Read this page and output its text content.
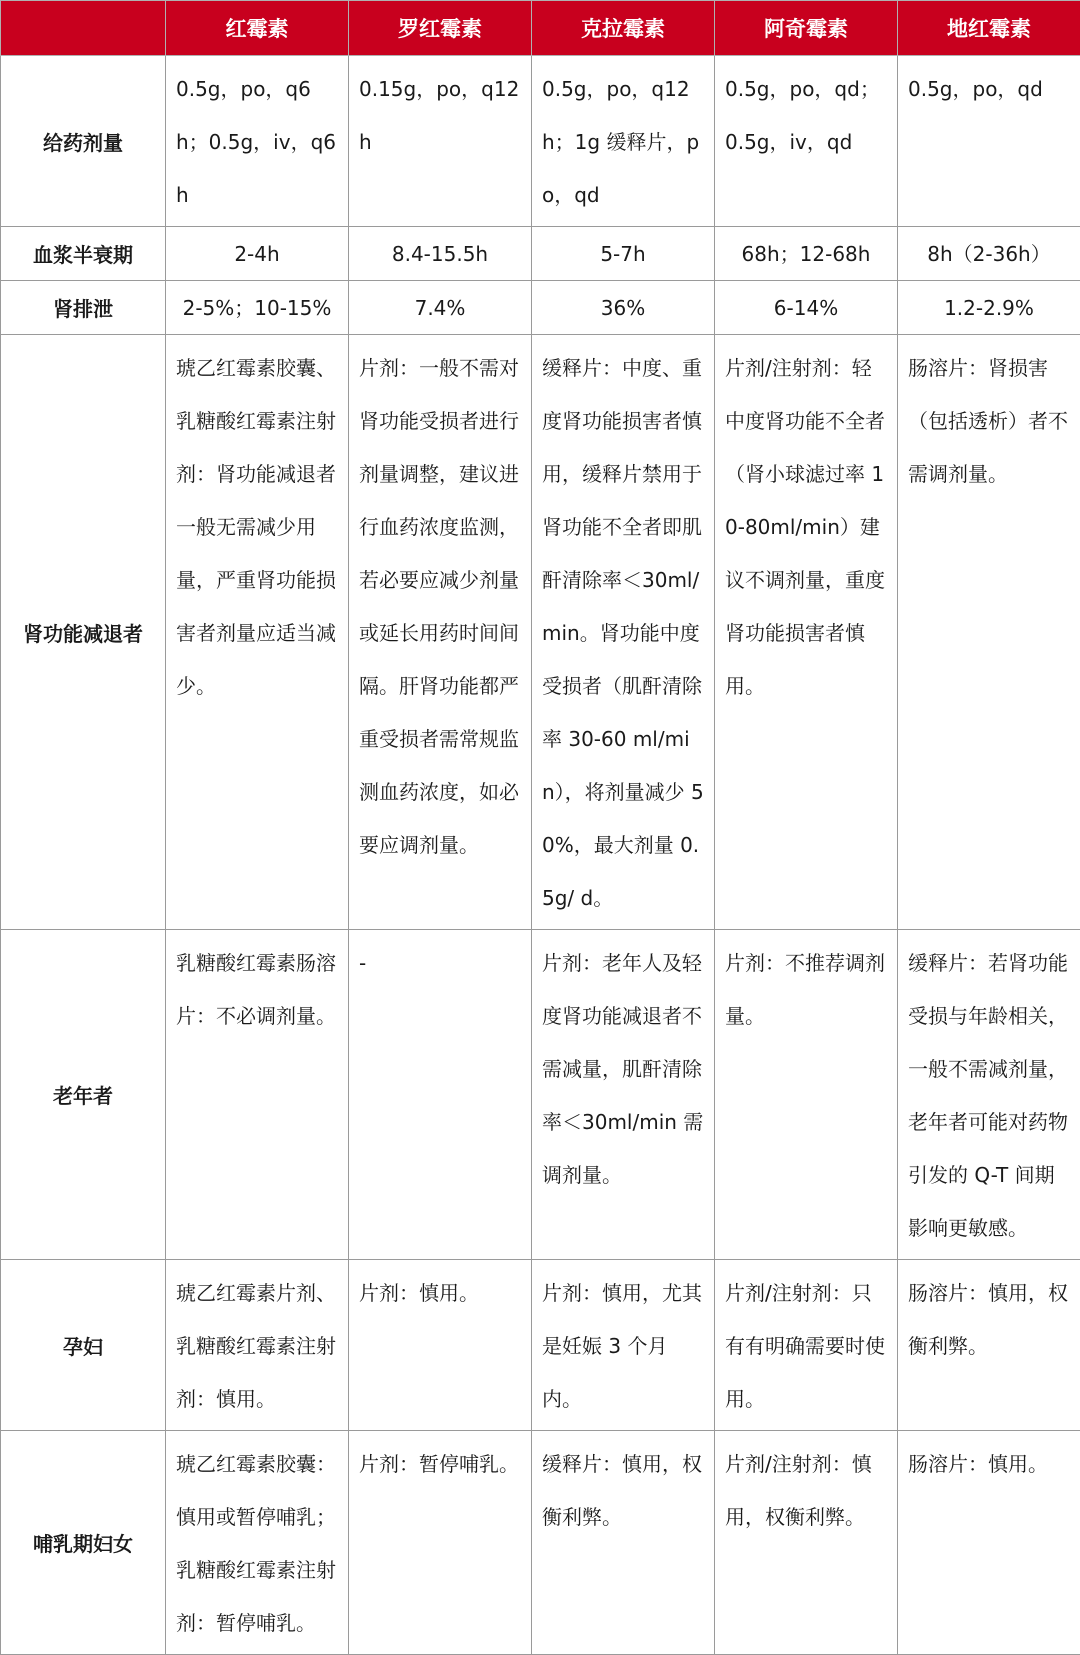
	红霉素	罗红霉素	克拉霉素	阿奇霉素	地红霉素
给药剂量	0.5g，po，q6h；0.5g，iv，q6h	0.15g，po，q12h	0.5g，po，q12h；1g 缓释片，po，qd	0.5g，po，qd；0.5g，iv，qd	0.5g，po，qd
血浆半衰期	2-4h	8.4-15.5h	5-7h	68h；12-68h	8h（2-36h）
肾排泄	2-5%；10-15%	7.4%	36%	6-14%	1.2-2.9%
肾功能减退者	琥乙红霉素胶囊、乳糖酸红霉素注射剂：肾功能减退者一般无需减少用量，严重肾功能损害者剂量应适当减少。	片剂：一般不需对肾功能受损者进行剂量调整，建议进行血药浓度监测，若必要应减少剂量或延长用药时间间隔。肝肾功能都严重受损者需常规监测血药浓度，如必要应调剂量。	缓释片：中度、重度肾功能损害者慎用，缓释片禁用于肾功能不全者即肌酐清除率＜30ml/min。肾功能中度受损者（肌酐清除率 30-60 ml/min），将剂量减少 50%，最大剂量 0.5g/ d。	片剂/注射剂：轻中度肾功能不全者（肾小球滤过率 10-80ml/min）建议不调剂量，重度肾功能损害者慎用。	肠溶片：肾损害（包括透析）者不需调剂量。
老年者	乳糖酸红霉素肠溶片：不必调剂量。	-	片剂：老年人及轻度肾功能减退者不需减量，肌酐清除率＜30ml/min 需调剂量。	片剂：不推荐调剂量。	缓释片：若肾功能受损与年龄相关，一般不需减剂量，老年者可能对药物引发的 Q-T 间期影响更敏感。
孕妇	琥乙红霉素片剂、乳糖酸红霉素注射剂：慎用。	片剂：慎用。	片剂：慎用，尤其是妊娠 3 个月内。	片剂/注射剂：只有有明确需要时使用。	肠溶片：慎用，权衡利弊。
哺乳期妇女	琥乙红霉素胶囊：慎用或暂停哺乳；乳糖酸红霉素注射剂：暂停哺乳。	片剂：暂停哺乳。	缓释片：慎用，权衡利弊。	片剂/注射剂：慎用，权衡利弊。	肠溶片：慎用。
